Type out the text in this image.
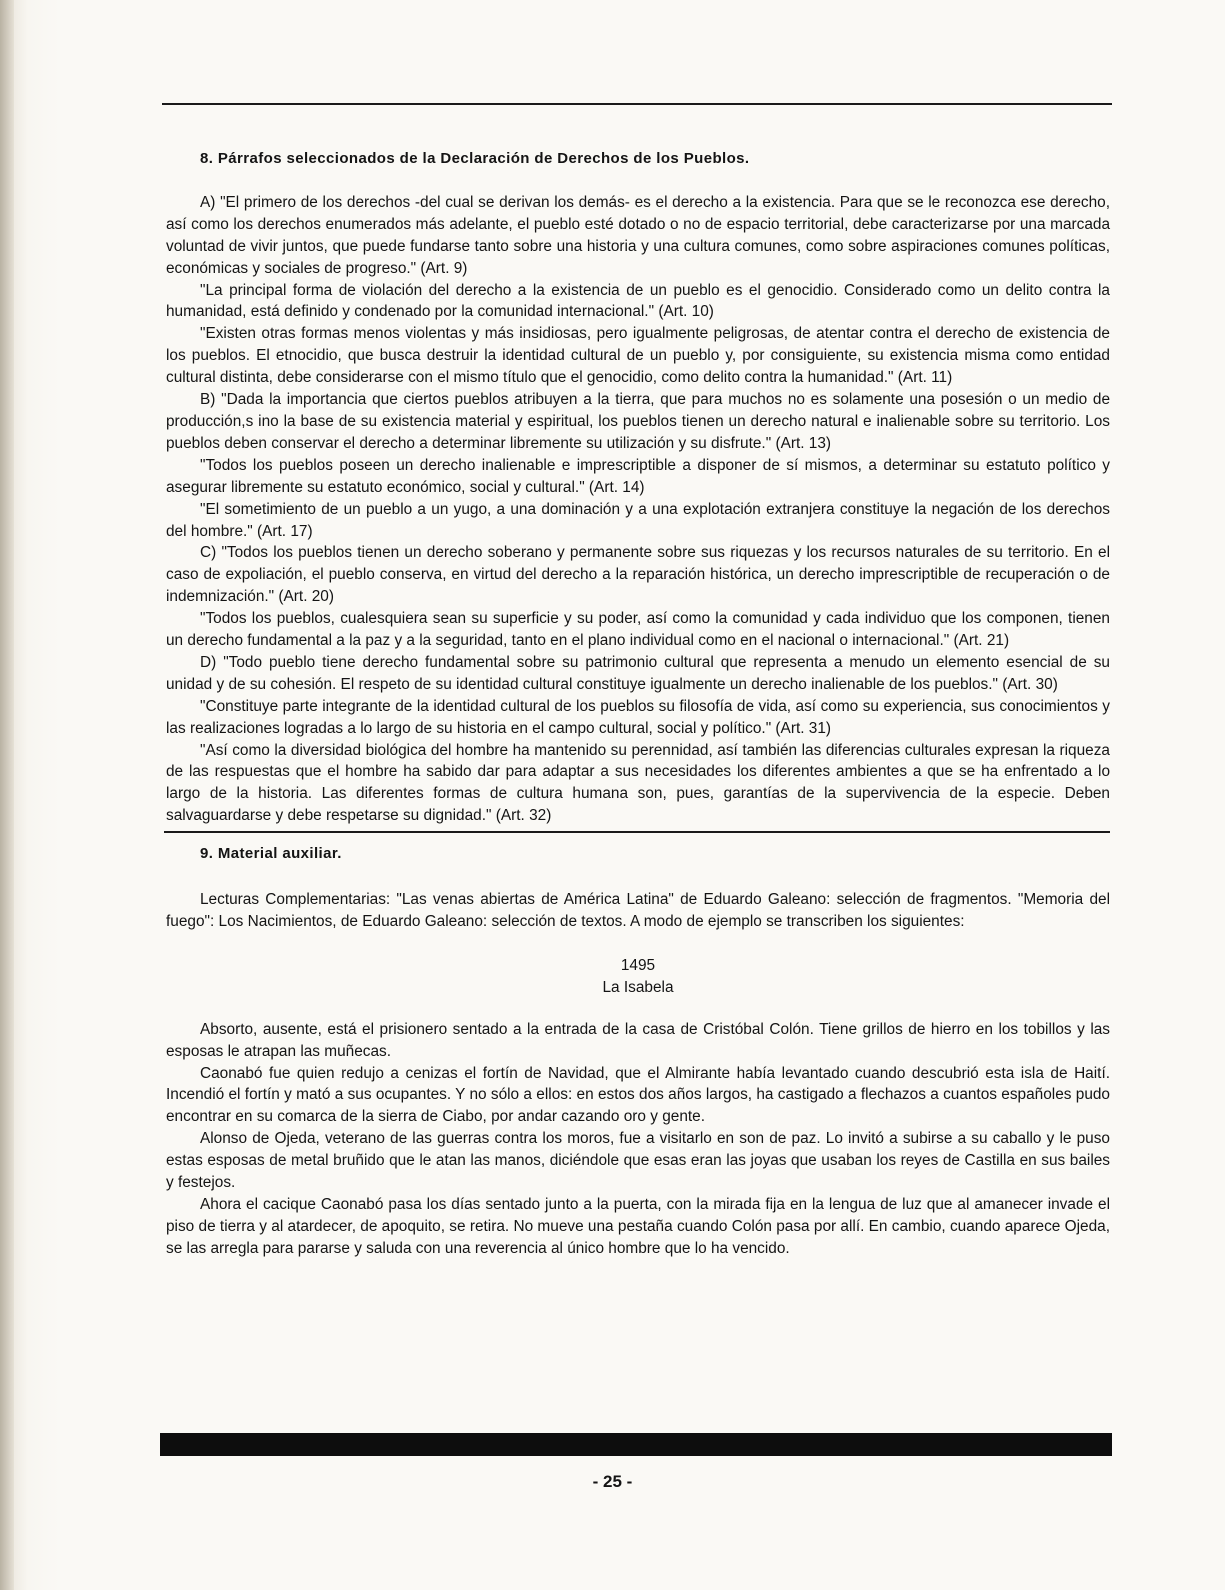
8. Párrafos seleccionados de la Declaración de Derechos de los Pueblos.

A) "El primero de los derechos -del cual se derivan los demás- es el derecho a la existencia. Para que se le reconozca ese derecho, así como los derechos enumerados más adelante, el pueblo esté dotado o no de espacio territorial, debe caracterizarse por una marcada voluntad de vivir juntos, que puede fundarse tanto sobre una historia y una cultura comunes, como sobre aspiraciones comunes políticas, económicas y sociales de progreso." (Art. 9)

"La principal forma de violación del derecho a la existencia de un pueblo es el genocidio. Considerado como un delito contra la humanidad, está definido y condenado por la comunidad internacional." (Art. 10)

"Existen otras formas menos violentas y más insidiosas, pero igualmente peligrosas, de atentar contra el derecho de existencia de los pueblos. El etnocidio, que busca destruir la identidad cultural de un pueblo y, por consiguiente, su existencia misma como entidad cultural distinta, debe considerarse con el mismo título que el genocidio, como delito contra la humanidad." (Art. 11)

B) "Dada la importancia que ciertos pueblos atribuyen a la tierra, que para muchos no es solamente una posesión o un medio de producción,s ino la base de su existencia material y espiritual, los pueblos tienen un derecho natural e inalienable sobre su territorio. Los pueblos deben conservar el derecho a determinar libremente su utilización y su disfrute." (Art. 13)

"Todos los pueblos poseen un derecho inalienable e imprescriptible a disponer de sí mismos, a determinar su estatuto político y asegurar libremente su estatuto económico, social y cultural." (Art. 14)

"El sometimiento de un pueblo a un yugo, a una dominación y a una explotación extranjera constituye la negación de los derechos del hombre." (Art. 17)

C) "Todos los pueblos tienen un derecho soberano y permanente sobre sus riquezas y los recursos naturales de su territorio. En el caso de expoliación, el pueblo conserva, en virtud del derecho a la reparación histórica, un derecho imprescriptible de recuperación o de indemnización." (Art. 20)

"Todos los pueblos, cualesquiera sean su superficie y su poder, así como la comunidad y cada individuo que los componen, tienen un derecho fundamental a la paz y a la seguridad, tanto en el plano individual como en el nacional o internacional." (Art. 21)

D) "Todo pueblo tiene derecho fundamental sobre su patrimonio cultural que representa a menudo un elemento esencial de su unidad y de su cohesión. El respeto de su identidad cultural constituye igualmente un derecho inalienable de los pueblos." (Art. 30)

"Constituye parte integrante de la identidad cultural de los pueblos su filosofía de vida, así como su experiencia, sus conocimientos y las realizaciones logradas a lo largo de su historia en el campo cultural, social y político." (Art. 31)

"Así como la diversidad biológica del hombre ha mantenido su perennidad, así también las diferencias culturales expresan la riqueza de las respuestas que el hombre ha sabido dar para adaptar a sus necesidades los diferentes ambientes a que se ha enfrentado a lo largo de la historia. Las diferentes formas de cultura humana son, pues, garantías de la supervivencia de la especie. Deben salvaguardarse y debe respetarse su dignidad." (Art. 32)

9. Material auxiliar.

Lecturas Complementarias: "Las venas abiertas de América Latina" de Eduardo Galeano: selección de fragmentos. "Memoria del fuego": Los Nacimientos, de Eduardo Galeano: selección de textos. A modo de ejemplo se transcriben los siguientes:

1495

La Isabela

Absorto, ausente, está el prisionero sentado a la entrada de la casa de Cristóbal Colón. Tiene grillos de hierro en los tobillos y las esposas le atrapan las muñecas.

Caonabó fue quien redujo a cenizas el fortín de Navidad, que el Almirante había levantado cuando descubrió esta isla de Haití. Incendió el fortín y mató a sus ocupantes. Y no sólo a ellos: en estos dos años largos, ha castigado a flechazos a cuantos españoles pudo encontrar en su comarca de la sierra de Ciabo, por andar cazando oro y gente.

Alonso de Ojeda, veterano de las guerras contra los moros, fue a visitarlo en son de paz. Lo invitó a subirse a su caballo y le puso estas esposas de metal bruñido que le atan las manos, diciéndole que esas eran las joyas que usaban los reyes de Castilla en sus bailes y festejos.

Ahora el cacique Caonabó pasa los días sentado junto a la puerta, con la mirada fija en la lengua de luz que al amanecer invade el piso de tierra y al atardecer, de apoquito, se retira. No mueve una pestaña cuando Colón pasa por allí. En cambio, cuando aparece Ojeda, se las arregla para pararse y saluda con una reverencia al único hombre que lo ha vencido.

- 25 -
